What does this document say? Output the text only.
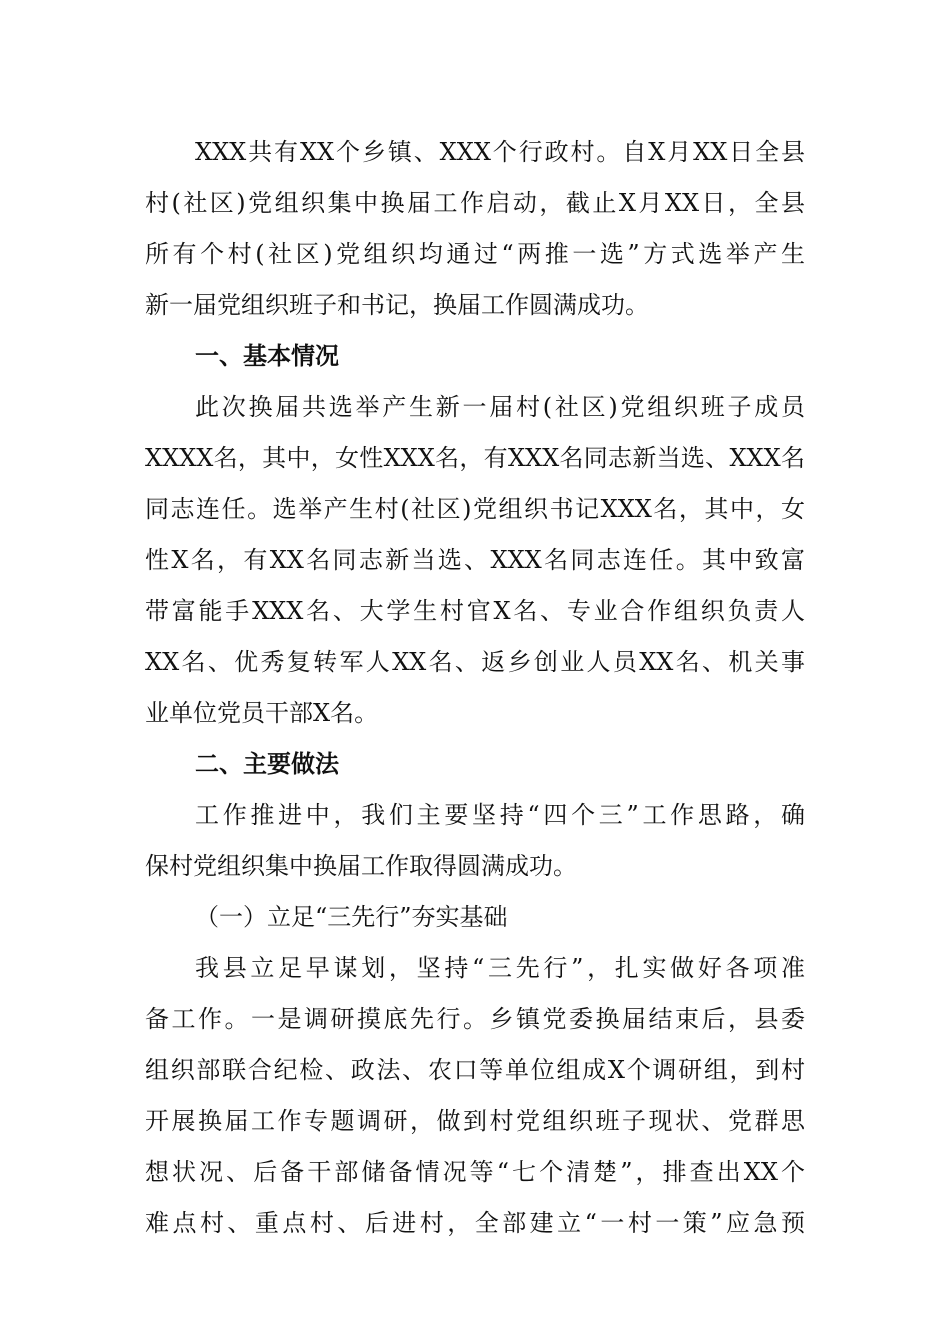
XXX共有XX个乡镇、XXX个行政村。自X月XX日全县
村(社区)党组织集中换届工作启动，截止X月XX日，全县
所有个村(社区)党组织均通过“两推一选”方式选举产生
新一届党组织班子和书记，换届工作圆满成功。
一、基本情况
此次换届共选举产生新一届村(社区)党组织班子成员
XXXX名，其中，女性XXX名，有XXX名同志新当选、XXX名
同志连任。选举产生村(社区)党组织书记XXX名，其中，女
性X名，有XX名同志新当选、XXX名同志连任。其中致富
带富能手XXX名、大学生村官X名、专业合作组织负责人
XX名、优秀复转军人XX名、返乡创业人员XX名、机关事
业单位党员干部X名。
二、主要做法
工作推进中，我们主要坚持“四个三”工作思路，确
保村党组织集中换届工作取得圆满成功。
（一）立足“三先行”夯实基础
我县立足早谋划，坚持“三先行”，扎实做好各项准
备工作。一是调研摸底先行。乡镇党委换届结束后，县委
组织部联合纪检、政法、农口等单位组成X个调研组，到村
开展换届工作专题调研，做到村党组织班子现状、党群思
想状况、后备干部储备情况等“七个清楚”，排查出XX个
难点村、重点村、后进村，全部建立“一村一策”应急预
